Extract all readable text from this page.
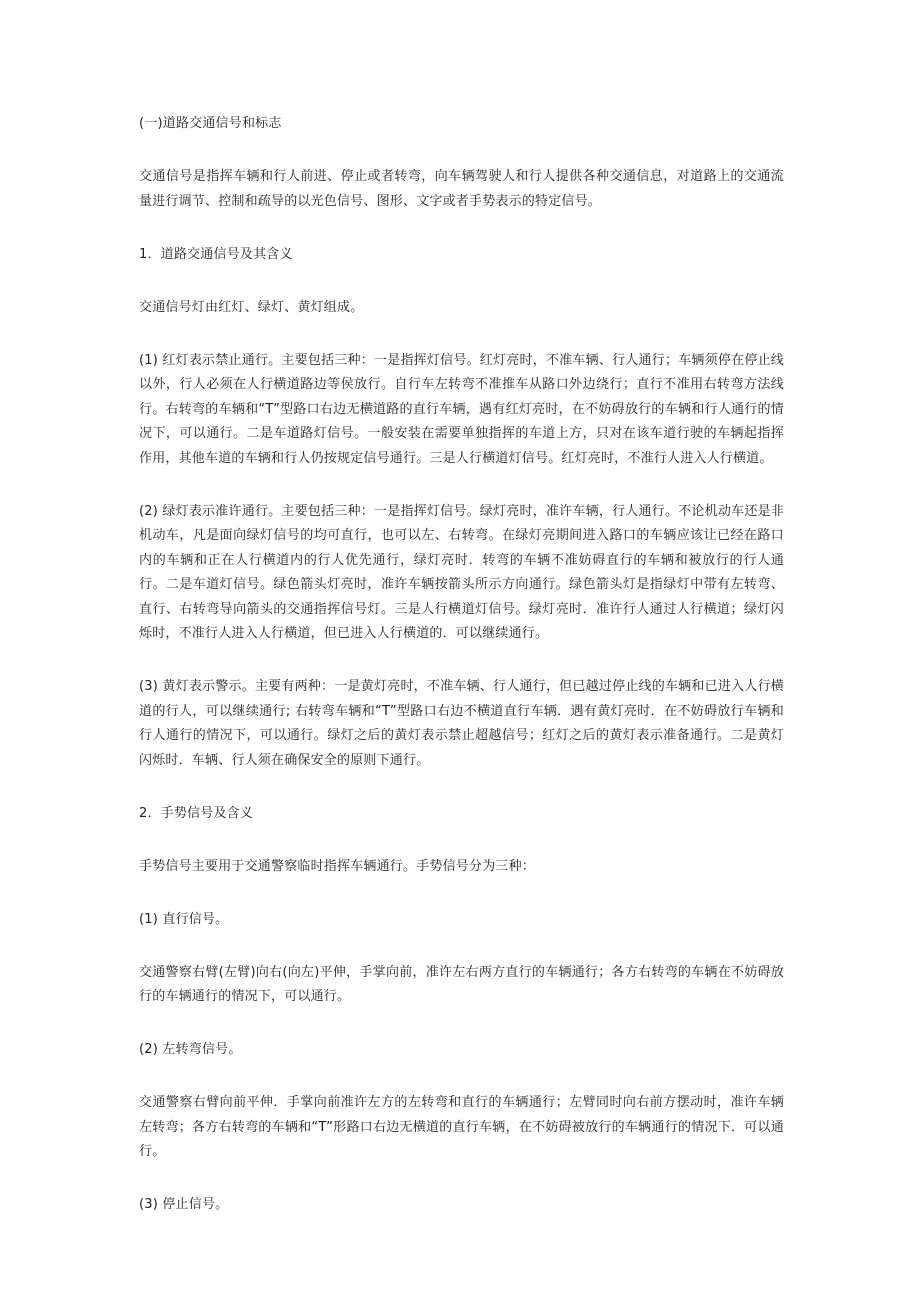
(一)道路交通信号和标志

交通信号是指挥车辆和行人前进、停止或者转弯，向车辆驾驶人和行人提供各种交通信息，对道路上的交通流量进行调节、控制和疏导的以光色信号、图形、文字或者手势表示的特定信号。

1．道路交通信号及其含义

交通信号灯由红灯、绿灯、黄灯组成。

(1) 红灯表示禁止通行。主要包括三种：一是指挥灯信号。红灯亮时，不准车辆、行人通行；车辆须停在停止线以外，行人必须在人行横道路边等侯放行。自行车左转弯不准推车从路口外边绕行；直行不准用右转弯方法线行。右转弯的车辆和“T”型路口右边无横道路的直行车辆，遇有红灯亮时，在不妨碍放行的车辆和行人通行的情况下，可以通行。二是车道路灯信号。一般安装在需要单独指挥的车道上方，只对在该车道行驶的车辆起指挥作用，其他车道的车辆和行人仍按规定信号通行。三是人行横道灯信号。红灯亮时，不准行人进入人行横道。

(2) 绿灯表示准许通行。主要包括三种：一是指挥灯信号。绿灯亮时，准许车辆，行人通行。不论机动车还是非机动车，凡是面向绿灯信号的均可直行，也可以左、右转弯。在绿灯亮期间进入路口的车辆应该让已经在路口内的车辆和正在人行横道内的行人优先通行，绿灯亮时．转弯的车辆不准妨碍直行的车辆和被放行的行人通行。二是车道灯信号。绿色箭头灯亮时，准许车辆按箭头所示方向通行。绿色箭头灯是指绿灯中带有左转弯、直行、右转弯导向箭头的交通指挥信号灯。三是人行横道灯信号。绿灯亮时．准许行人通过人行横道；绿灯闪烁时，不准行人进入人行横道，但已进入人行横道的．可以继续通行。

(3) 黄灯表示警示。主要有两种：一是黄灯亮时，不准车辆、行人通行，但已越过停止线的车辆和已进入人行横道的行人，可以继续通行; 右转弯车辆和“T”型路口右边不横道直行车辆．遇有黄灯亮时．在不妨碍放行车辆和行人通行的情况下，可以通行。绿灯之后的黄灯表示禁止超越信号；红灯之后的黄灯表示准备通行。二是黄灯闪烁时．车辆、行人须在确保安全的原则下通行。

2．手势信号及含义

手势信号主要用于交通警察临时指挥车辆通行。手势信号分为三种：

(1) 直行信号。

交通警察右臂(左臂)向右(向左)平伸，手掌向前，准许左右两方直行的车辆通行；各方右转弯的车辆在不妨碍放行的车辆通行的情况下，可以通行。

(2) 左转弯信号。

交通警察右臂向前平伸．手掌向前准许左方的左转弯和直行的车辆通行；左臂同时向右前方摆动时，准许车辆左转弯；各方右转弯的车辆和“T”形路口右边无横道的直行车辆，在不妨碍被放行的车辆通行的情况下．可以通行。

(3) 停止信号。
